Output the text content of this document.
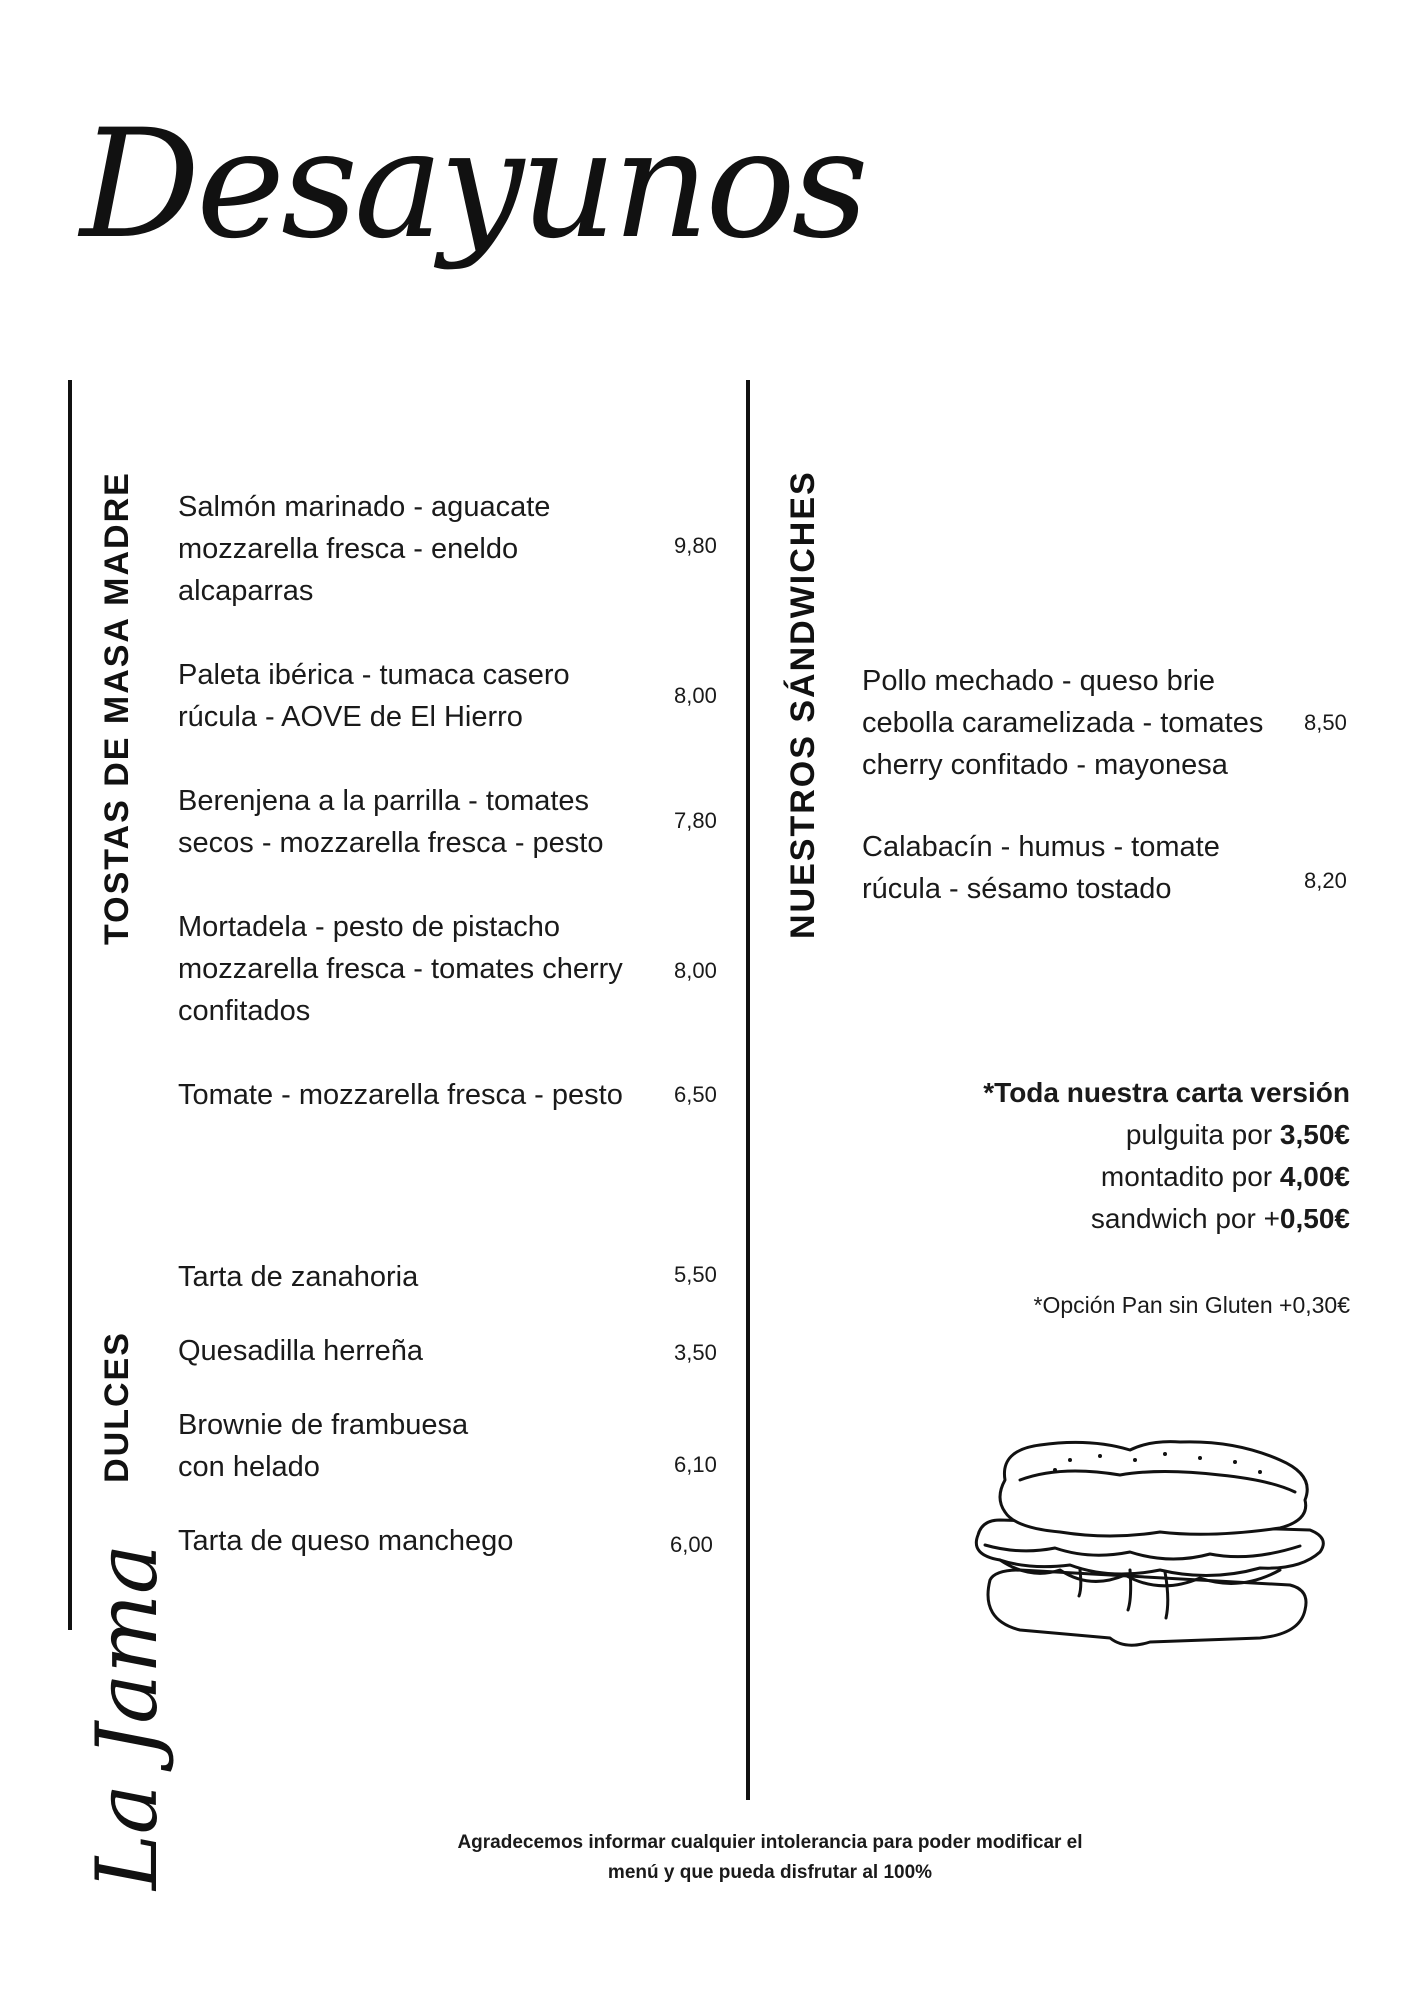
Desayunos
TOSTAS DE MASA MADRE Salmón marinado - aguacate
mozzarella fresca - eneldo
alcaparras
9,80
Paleta ibérica - tumaca casero
rúcula - AOVE de El Hierro
8,00
Berenjena a la parrilla - tomates
secos - mozzarella fresca - pesto
7,80
Mortadela - pesto de pistacho
mozzarella fresca - tomates cherry
confitados
8,00
Tomate - mozzarella fresca - pesto	6,50
DULCES
Tarta de zanahoria	5,50
Quesadilla herreña	3,50
Brownie de frambuesa
con helado	6,10
Tarta de queso manchego	6,00
La Jama
NUESTROS SÁNDWICHES Pollo mechado - queso brie
cebolla caramelizada - tomates
cherry confitado - mayonesa
8,50
Calabacín - humus - tomate
rúcula - sésamo tostado	8,20
*Toda nuestra carta versión
pulguita por 3,50€
montadito por 4,00€
sandwich por +0,50€
*Opción Pan sin Gluten +0,30€
Agradecemos informar cualquier intolerancia para poder modificar el
menú y que pueda disfrutar al 100%
